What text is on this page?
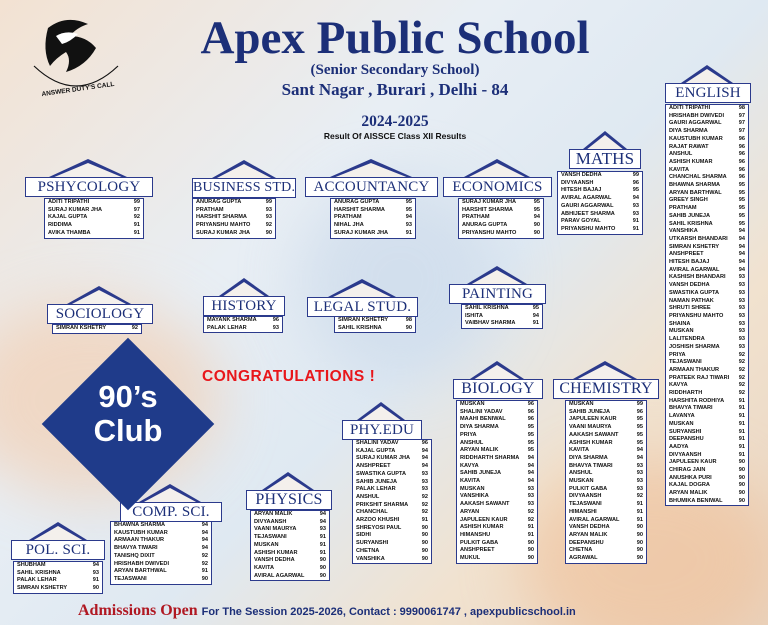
ANSWER DUTY'S CALL
Apex Public School
(Senior Secondary School)
Sant Nagar , Burari , Delhi - 84
2024-2025
Result Of AISSCE Class XII Results
PSHYCOLOGY
ADITI TRIPATHI	99
SURAJ KUMAR JHA	97
KAJAL GUPTA	92
RIDDIMA	91
AVIKA THAMBA	91
BUSINESS STD.
ANURAG GUPTA	99
PRATHAM	93
HARSHIT SHARMA	93
PRIYANSHU MAHTO	92
SURAJ KUMAR JHA	90
ACCOUNTANCY
ANURAG GUPTA	95
HARSHIT SHARMA	95
PRATHAM	94
NIHAL JHA	93
SURAJ KUMAR JHA	91
ECONOMICS
SURAJ KUMAR JHA	95
HARSHIT SHARMA	95
PRATHAM	94
ANURAG GUPTA	90
PRIYANSHU MAHTO	90
MATHS
VANSH DEDHA	99
DIVYAANSH	96
HITESH BAJAJ	95
AVIRAL AGARWAL	94
GAURI AGGARWAL	93
ABHIJEET SHARMA	93
PARAV GOYAL	91
PRIYANSHU MAHTO	91
SOCIOLOGY
SIMRAN KSHETRY	92
HISTORY
MAYANK SHARMA	96
PALAK LEHAR	93
LEGAL STUD.
SIMRAN KSHETRY	98
SAHIL KRISHNA	90
PAINTING
SAHIL KRISHNA	95
ISHITA	94
VAIBHAV SHARMA	91
BIOLOGY
MUSKAN	96
SHALINI YADAV	96
MAAHI BENIWAL	96
DIYA SHARMA	95
PRIYA	95
ANSHUL	95
ARYAN MALIK	95
RIDDHARTH SHARMA	94
KAVYA	94
SAHIB JUNEJA	94
KAVITA	94
MUSKAN	93
VANSHIKA	93
AAKASH SAWANT	93
ARYAN	92
JAPULEEN KAUR	92
ASHISH KUMAR	91
HIMANSHU	91
PULKIT GABA	90
ANSHPREET	90
MUKUL	90
CHEMISTRY
MUSKAN	99
SAHIB JUNEJA	96
JAPULEEN KAUR	95
VAANI MAURYA	95
AAKASH SAWANT	95
ASHISH KUMAR	95
KAVITA	94
DIYA SHARMA	94
BHAVYA TIWARI	93
ANSHUL	93
MUSKAN	93
PULKIT GABA	93
DIVYAANSH	92
TEJASWANI	91
HIMANSHI	91
AVIRAL AGARWAL	91
VANSH DEDHA	90
ARYAN MALIK	90
DEEPANSHU	90
CHETNA	90
AGRAWAL	90
PHY.EDU
SHALINI YADAV	96
KAJAL GUPTA	94
SURAJ KUMAR JHA	94
ANSHPREET	94
SWASTIKA GUPTA	93
SAHIB JUNEJA	93
PALAK LEHAR	93
ANSHUL	92
PRIKSHIT SHARMA	92
CHANCHAL	92
ARZOO KHUSHI	91
SHREYOSI PAUL	90
SIDHI	90
SURYANSHI	90
CHETNA	90
VANSHIKA	90
PHYSICS
ARYAN MALIK	94
DIVYAANSH	94
VAANI MAURYA	93
TEJASWANI	91
MUSKAN	91
ASHISH KUMAR	91
VANSH DEDHA	90
KAVITA	90
AVIRAL AGARWAL	90
COMP. SCI.
BHAWNA SHARMA	94
KAUSTUBH KUMAR	94
ARMAAN THAKUR	94
BHAVYA TIWARI	94
TANISHQ DIXIT	92
HRISHABH DWIVEDI	92
ARYAN BARTHWAL	91
TEJASWANI	90
POL. SCI.
SHUBHAM	94
SAHIL KRISHNA	93
PALAK LEHAR	91
SIMRAN KSHETRY	90
ENGLISH
ADITI TRIPATHI	98
HRISHABH DWIVEDI	97
GAURI AGGARWAL	97
DIYA SHARMA	97
KAUSTUBH KUMAR	96
RAJAT RAWAT	96
ANSHUL	96
ASHISH KUMAR	96
KAVITA	96
CHANCHAL SHARMA	96
BHAWNA SHARMA	95
ARYAN BARTHWAL	95
GREEY SINGH	95
PRATHAM	95
SAHIB JUNEJA	95
SAHIL KRISHNA	95
VANSHIKA	94
UTKARSH BHANDARI	94
SIMRAN KSHETRY	94
ANSHPREET	94
HITESH BAJAJ	94
AVIRAL AGARWAL	94
KASHISH BHANDARI	93
VANSH DEDHA	93
SWASTIKA GUPTA	93
NAMAN PATHAK	93
SHRUTI SHREE	93
PRIYANSHU MAHTO	93
SHAINA	93
MUSKAN	93
LALITENDRA	93
JOSHISH SHARMA	93
PRIYA	92
TEJASWANI	92
ARMAAN THAKUR	92
PRATEEK RAJ TIWARI	92
KAVYA	92
RIDDHARTH	92
HARSHITA RODHIYA	91
BHAVYA TIWARI	91
LAVANYA	91
MUSKAN	91
SURYANSHI	91
DEEPANSHU	91
AADYA	91
DIVYAANSH	91
JAPULEEN KAUR	90
CHIRAG JAIN	90
ANUSHKA PURI	90
KAJAL DOGRA	90
ARYAN MALIK	90
BHUMIKA BENIWAL	90
90’s
Club
CONGRATULATIONS !
Admissions Open For The Session 2025-2026, Contact : 9990061747 , apexpublicschool.in
